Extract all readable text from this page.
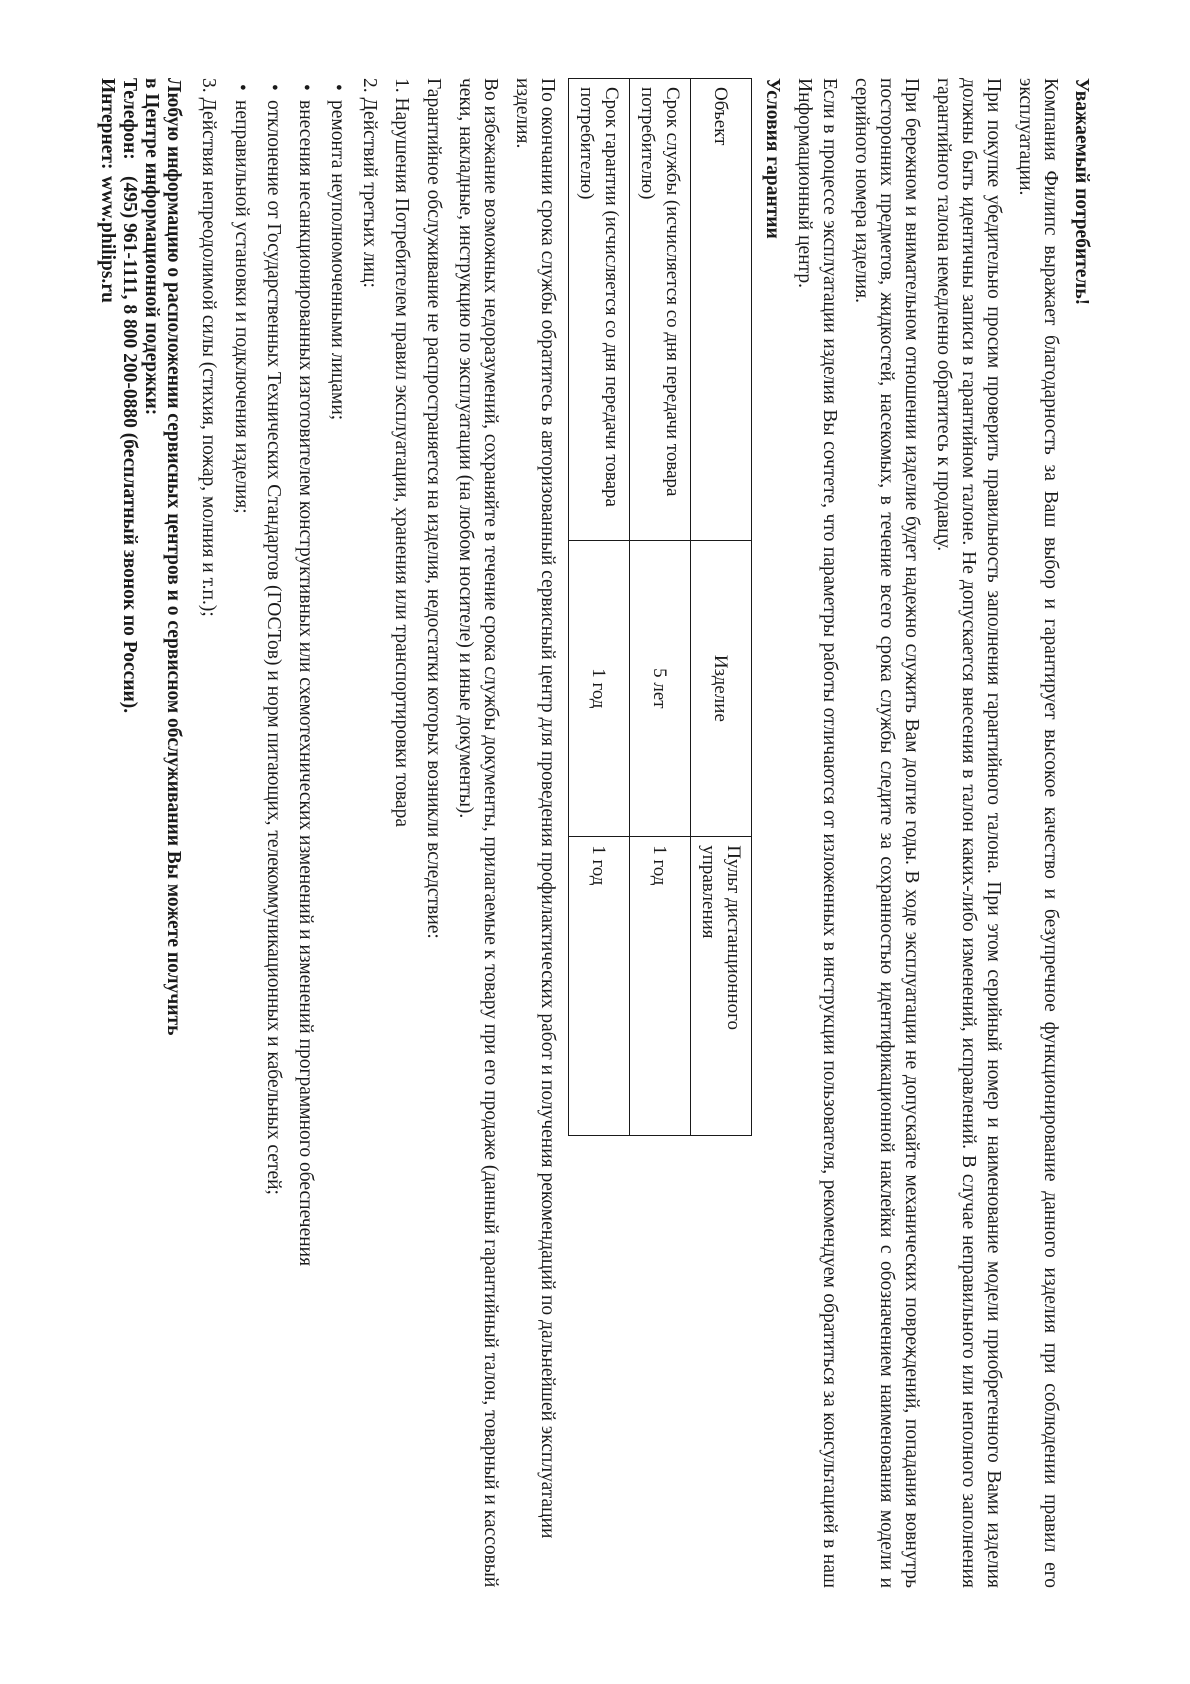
Уважаемый потребитель!

Компания Филипс выражает благодарность за Ваш выбор и гарантирует высокое качество и безупречное функционирование данного изделия при соблюдении правил его эксплуатации.

При покупке убедительно просим проверить правильность заполнения гарантийного талона. При этом серийный номер и наименование модели приобретенного Вами изделия должны быть идентичны записи в гарантийном талоне. Не допускается внесения в талон каких-либо изменений, исправлений. В случае неправильного или неполного заполнения гарантийного талона немедленно обратитесь к продавцу.

При бережном и внимательном отношении изделие будет надежно служить Вам долгие годы. В ходе эксплуатации не допускайте механических повреждений, попадания вовнутрь посторонних предметов, жидкостей, насекомых, в течение всего срока службы следите за сохранностью идентификационной наклейки с обозначением наименования модели и серийного номера изделия.

Если в процессе эксплуатации изделия Вы сочтете, что параметры работы отличаются от изложенных в инструкции пользователя, рекомендуем обратиться за консультацией в наш Информационный центр.

Условия гарантии
Объект	Изделие	Пульт дистанционного управления
Срок службы (исчисляется со дня передачи товара потребителю)	5 лет	1 год
Срок гарантии (исчисляется со дня передачи товара потребителю)	1 год	1 год

По окончании срока службы обратитесь в авторизованный сервисный центр для проведения профилактических работ и получения рекомендаций по дальнейшей эксплуатации изделия.

Во избежание возможных недоразумений, сохраняйте в течение срока службы документы, прилагаемые к товару при его продаже (данный гарантийный талон, товарный и кассовый чеки, накладные, инструкцию по эксплуатации (на любом носителе) и иные документы).

Гарантийное обслуживание не распространяется на изделия, недостатки которых возникли вследствие:

1. Нарушения Потребителем правил эксплуатации, хранения или транспортировки товара

2. Действий третьих лиц:

•ремонта неуполномоченными лицами;
•внесения несанкционированных изготовителем конструктивных или схемотехнических изменений и изменений программного обеспечения
•отклонение от Государственных Технических Стандартов (ГОСТов) и норм питающих, телекоммуникационных и кабельных сетей;
•неправильной установки и подключения изделия;

3. Действия непреодолимой силы (стихия, пожар, молния и т.п.);

Любую информацию о расположении сервисных центров и о сервисном обслуживании Вы можете получить
в Центре информационной подержки:
Телефон:(495) 961-1111, 8 800 200-0880 (бесплатный звонок по России).
Интернет:www.philips.ru
